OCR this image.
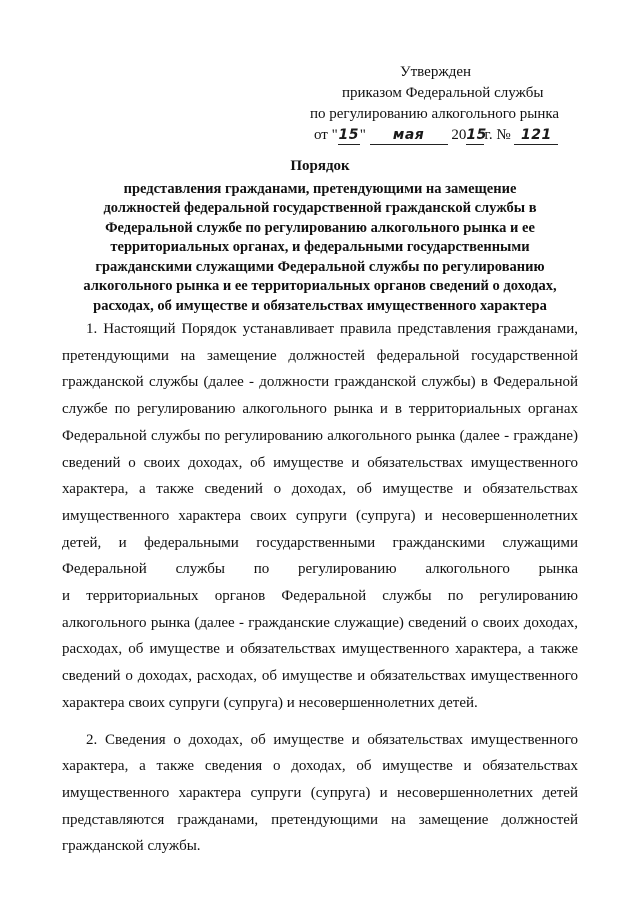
Утвержден
приказом Федеральной службы
по регулированию алкогольного рынка
от "15" мая 2015г. № 121
Порядок
представления гражданами, претендующими на замещение
должностей федеральной государственной гражданской службы в
Федеральной службе по регулированию алкогольного рынка и ее
территориальных органах, и федеральными государственными
гражданскими служащими Федеральной службы по регулированию
алкогольного рынка и ее территориальных органов сведений о доходах,
расходах, об имуществе и обязательствах имущественного характера

1. Настоящий Порядок устанавливает правила представления гражданами,
претендующими на замещение должностей федеральной государственной
гражданской службы (далее - должности гражданской службы) в Федеральной
службе по регулированию алкогольного рынка и в территориальных органах
Федеральной службы по регулированию алкогольного рынка (далее - граждане)
сведений о своих доходах, об имуществе и обязательствах имущественного
характера, а также сведений о доходах, об имуществе и обязательствах
имущественного характера своих супруги (супруга) и несовершеннолетних
детей, и федеральными государственными гражданскими служащими
Федеральной службы по регулированию алкогольного рынка
и территориальных органов Федеральной службы по регулированию
алкогольного рынка (далее - гражданские служащие) сведений о своих доходах,
расходах, об имуществе и обязательствах имущественного характера, а также
сведений о доходах, расходах, об имуществе и обязательствах имущественного
характера своих супруги (супруга) и несовершеннолетних детей.

2. Сведения о доходах, об имуществе и обязательствах имущественного
характера, а также сведения о доходах, об имуществе и обязательствах
имущественного характера супруги (супруга) и несовершеннолетних детей
представляются гражданами, претендующими на замещение должностей
гражданской службы.
